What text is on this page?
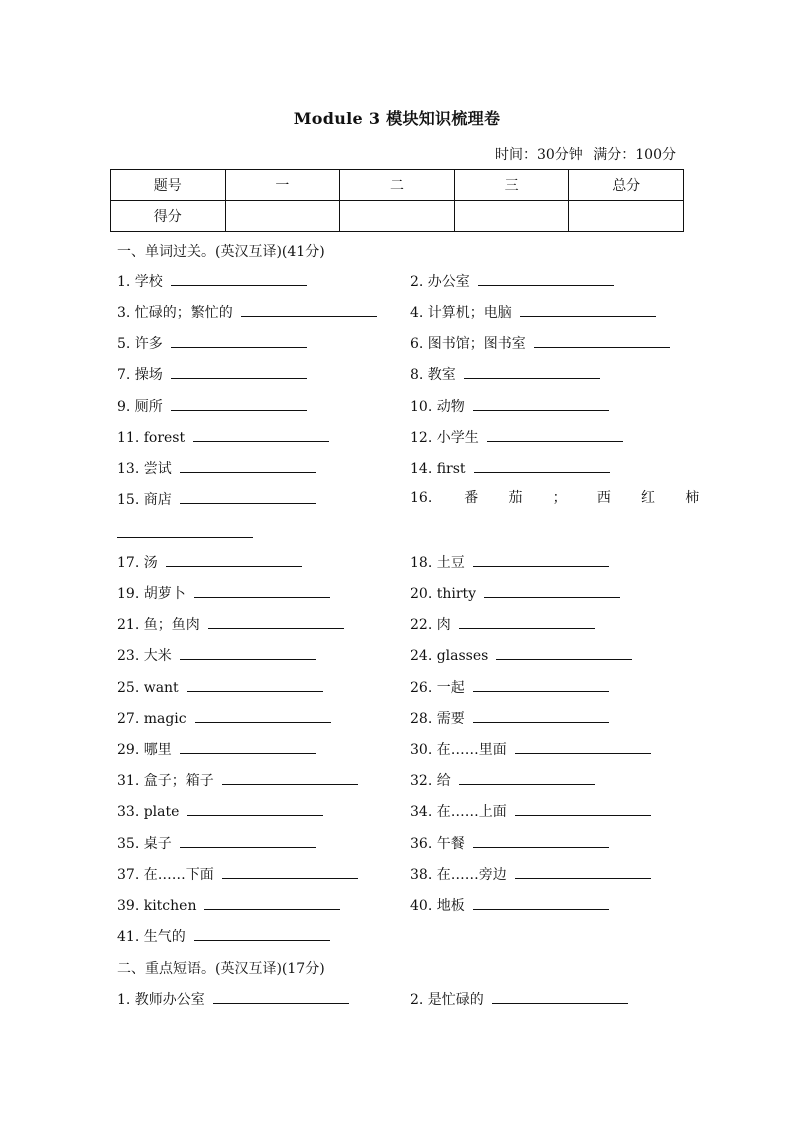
Module 3 模块知识梳理卷
时间：30分钟 满分：100分
题号	一	二	三	总分
得分				
一、单词过关。(英汉互译)(41分)
1. 学校	2. 办公室
3. 忙碌的；繁忙的	4. 计算机；电脑
5. 许多	6. 图书馆；图书室
7. 操场	8. 教室
9. 厕所	10. 动物
11. forest	12. 小学生
13. 尝试	14. first
15. 商店	16. 番 茄 ； 西 红 柿
17. 汤	18. 土豆
19. 胡萝卜	20. thirty
21. 鱼；鱼肉	22. 肉
23. 大米	24. glasses
25. want	26. 一起
27. magic	28. 需要
29. 哪里	30. 在……里面
31. 盒子；箱子	32. 给
33. plate	34. 在……上面
35. 桌子	36. 午餐
37. 在……下面	38. 在……旁边
39. kitchen	40. 地板
41. 生气的
二、重点短语。(英汉互译)(17分)
1. 教师办公室	2. 是忙碌的
